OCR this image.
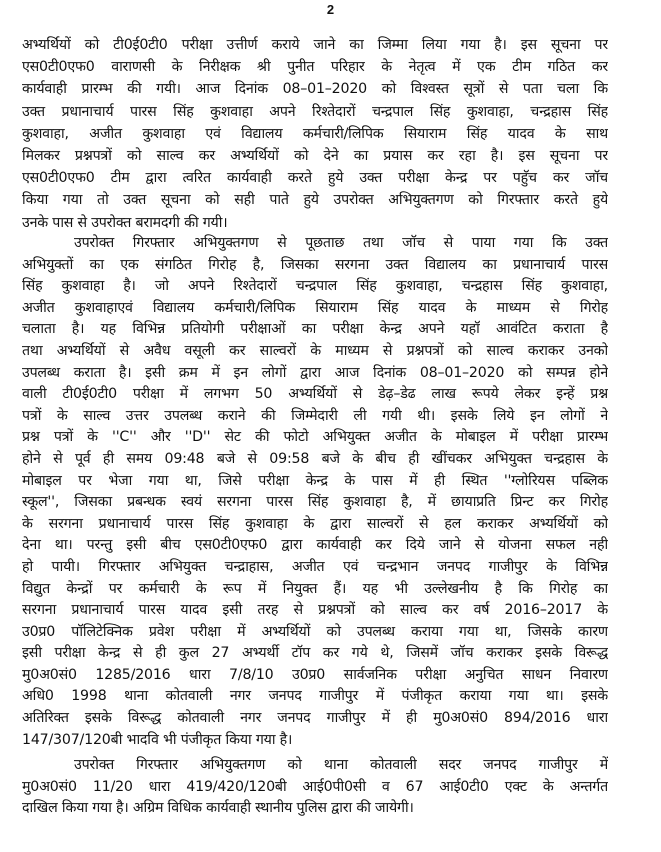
2
अभ्यर्थियों को टी0ई0टी0 परीक्षा उत्तीर्ण कराये जाने का जिम्मा लिया गया है। इस सूचना पर
एस0टी0एफ0 वाराणसी के निरीक्षक श्री पुनीत परिहार के नेतृत्व में एक टीम गठित कर
कार्यवाही प्रारम्भ की गयी। आज दिनांक 08–01–2020 को विश्वस्त सूत्रों से पता चला कि
उक्त प्रधानाचार्य पारस सिंह कुशवाहा अपने रिश्तेदारों चन्द्रपाल सिंह कुशवाहा, चन्द्रहास सिंह
कुशवाहा, अजीत कुशवाहा एवं विद्यालय कर्मचारी/लिपिक सियाराम सिंह यादव के साथ
मिलकर प्रश्नपत्रों को साल्व कर अभ्यर्थियों को देने का प्रयास कर रहा है। इस सूचना पर
एस0टी0एफ0 टीम द्वारा त्वरित कार्यवाही करते हुये उक्त परीक्षा केन्द्र पर पहुॅच कर जॉच
किया गया तो उक्त सूचना को सही पाते हुये उपरोक्त अभियुक्तगण को गिरफ्तार करते हुये
उनके पास से उपरोक्त बरामदगी की गयी।
उपरोक्त गिरफ्तार अभियुक्तगण से पूछताछ तथा जॉच से पाया गया कि उक्त
अभियुक्तों का एक संगठित गिरोह है, जिसका सरगना उक्त विद्यालय का प्रधानाचार्य पारस
सिंह कुशवाहा है। जो अपने रिश्तेदारों चन्द्रपाल सिंह कुशवाहा, चन्द्रहास सिंह कुशवाहा,
अजीत कुशवाहाएवं विद्यालय कर्मचारी/लिपिक सियाराम सिंह यादव के माध्यम से गिरोह
चलाता है। यह विभिन्न प्रतियोगी परीक्षाओं का परीक्षा केन्द्र अपने यहॉ आवंटित कराता है
तथा अभ्यर्थियों से अवैध वसूली कर साल्वरों के माध्यम से प्रश्नपत्रों को साल्व कराकर उनको
उपलब्ध कराता है। इसी क्रम में इन लोगों द्वारा आज दिनांक 08–01–2020 को सम्पन्न होने
वाली टी0ई0टी0 परीक्षा में लगभग 50 अभ्यर्थियों से डेढ़–डेढ लाख रूपये लेकर इन्हें प्रश्न
पत्रों के साल्व उत्तर उपलब्ध कराने की जिम्मेदारी ली गयी थी। इसके लिये इन लोगों ने
प्रश्न पत्रों के ''C'' और ''D'' सेट की फोटो अभियुक्त अजीत के मोबाइल में परीक्षा प्रारम्भ
होने से पूर्व ही समय 09:48 बजे से 09:58 बजे के बीच ही खींचकर अभियुक्त चन्द्रहास के
मोबाइल पर भेजा गया था, जिसे परीक्षा केन्द्र के पास में ही स्थित ''ग्लोरियस पब्लिक
स्कूल'', जिसका प्रबन्धक स्वयं सरगना पारस सिंह कुशवाहा है, में छायाप्रति प्रिन्ट कर गिरोह
के सरगना प्रधानाचार्य पारस सिंह कुशवाहा के द्वारा साल्वरों से हल कराकर अभ्यर्थियों को
देना था। परन्तु इसी बीच एस0टी0एफ0 द्वारा कार्यवाही कर दिये जाने से योजना सफल नही
हो पायी। गिरफ्तार अभियुक्त चन्द्राहास, अजीत एवं चन्द्रभान जनपद गाजीपुर के विभिन्न
विद्युत केन्द्रों पर कर्मचारी के रूप में नियुक्त हैं। यह भी उल्लेखनीय है कि गिरोह का
सरगना प्रधानाचार्य पारस यादव इसी तरह से प्रश्नपत्रों को साल्व कर वर्ष 2016–2017 के
उ0प्र0 पॉलिटेक्निक प्रवेश परीक्षा में अभ्यर्थियों को उपलब्ध कराया गया था, जिसके कारण
इसी परीक्षा केन्द्र से ही कुल 27 अभ्यर्थी टॉप कर गये थे, जिसमें जॉच कराकर इसके विरूद्ध
मु0अ0सं0 1285/2016 धारा 7/8/10 उ0प्र0 सार्वजनिक परीक्षा अनुचित साधन निवारण
अधि0 1998 थाना कोतवाली नगर जनपद गाजीपुर में पंजीकृत कराया गया था। इसके
अतिरिक्त इसके विरूद्ध कोतवाली नगर जनपद गाजीपुर में ही मु0अ0सं0 894/2016 धारा
147/307/120बी भादवि भी पंजीकृत किया गया है।
उपरोक्त गिरफ्तार अभियुक्तगण को थाना कोतवाली सदर जनपद गाजीपुर में
मु0अ0सं0 11/20 धारा 419/420/120बी आई0पी0सी व 67 आई0टी0 एक्ट के अन्तर्गत
दाखिल किया गया है। अग्रिम विधिक कार्यवाही स्थानीय पुलिस द्वारा की जायेगी।
